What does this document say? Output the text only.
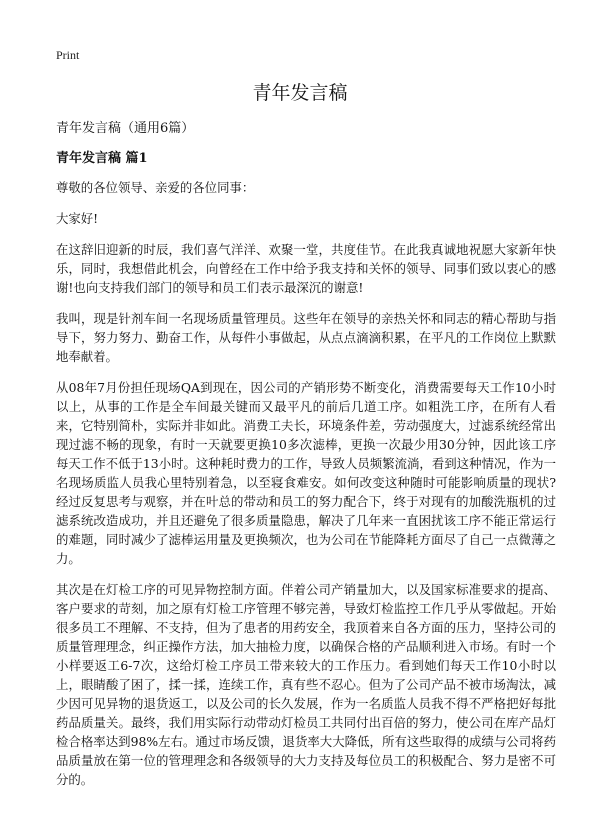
Print
青年发言稿

青年发言稿（通用6篇）

青年发言稿 篇1

尊敬的各位领导、亲爱的各位同事：

大家好!

在这辞旧迎新的时辰，我们喜气洋洋、欢聚一堂，共度佳节。在此我真诚地祝愿大家新年快乐，同时，我想借此机会，向曾经在工作中给予我支持和关怀的领导、同事们致以衷心的感谢!也向支持我们部门的领导和员工们表示最深沉的谢意!

我叫，现是针剂车间一名现场质量管理员。这些年在领导的亲热关怀和同志的精心帮助与指导下，努力努力、勤奋工作，从每件小事做起，从点点滴滴积累，在平凡的工作岗位上默默地奉献着。

从08年7月份担任现场QA到现在，因公司的产销形势不断变化，消费需要每天工作10小时以上，从事的工作是全车间最关键而又最平凡的前后几道工序。如粗洗工序，在所有人看来，它特别简朴，实际并非如此。消费工夫长，环境条件差，劳动强度大，过滤系统经常出现过滤不畅的现象，有时一天就要更换10多次滤棒，更换一次最少用30分钟，因此该工序每天工作不低于13小时。这种耗时费力的工作，导致人员频繁流淌，看到这种情况，作为一名现场质监人员我心里特别着急，以至寝食难安。如何改变这种随时可能影响质量的现状?经过反复思考与观察，并在叶总的带动和员工的努力配合下，终于对现有的加酸洗瓶机的过滤系统改造成功，并且还避免了很多质量隐患，解决了几年来一直困扰该工序不能正常运行的难题，同时减少了滤棒运用量及更换频次，也为公司在节能降耗方面尽了自己一点微薄之力。

其次是在灯检工序的可见异物控制方面。伴着公司产销量加大，以及国家标准要求的提高、客户要求的苛刻，加之原有灯检工序管理不够完善，导致灯检监控工作几乎从零做起。开始很多员工不理解、不支持，但为了患者的用药安全，我顶着来自各方面的压力，坚持公司的质量管理理念，纠正操作方法，加大抽检力度，以确保合格的产品顺利进入市场。有时一个小样要返工6-7次，这给灯检工序员工带来较大的工作压力。看到她们每天工作10小时以上，眼睛酸了困了，揉一揉，连续工作，真有些不忍心。但为了公司产品不被市场淘汰，减少因可见异物的退货返工，以及公司的长久发展，作为一名质监人员我不得不严格把好每批药品质量关。最终，我们用实际行动带动灯检员工共同付出百倍的努力，使公司在库产品灯检合格率达到98%左右。通过市场反馈，退货率大大降低，所有这些取得的成绩与公司将药品质量放在第一位的管理理念和各级领导的大力支持及每位员工的积极配合、努力是密不可分的。
